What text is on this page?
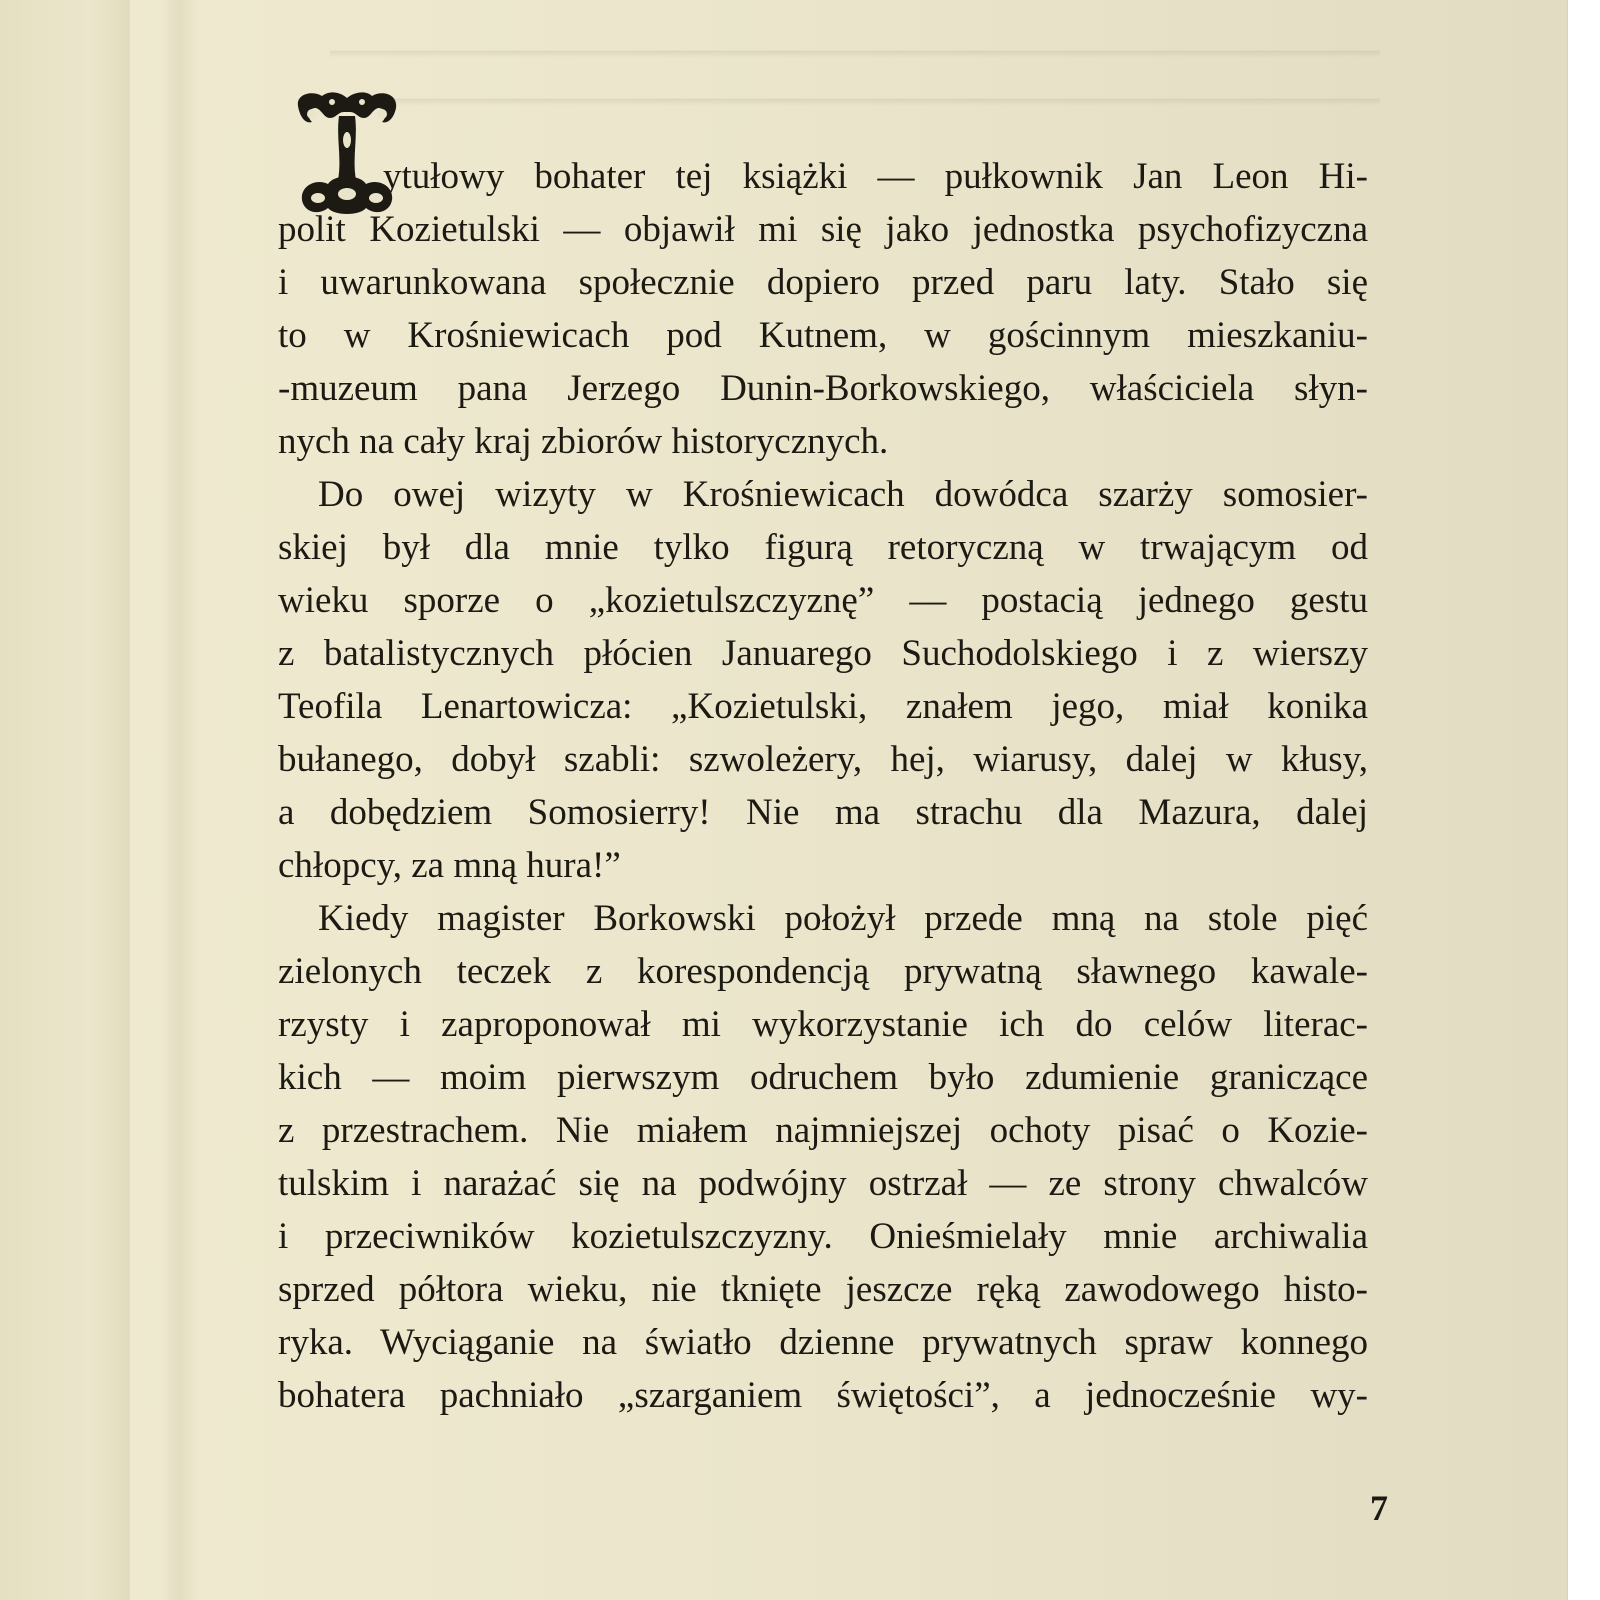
ytułowy bohater tej książki — pułkownik Jan Leon Hi-
polit Kozietulski — objawił mi się jako jednostka psychofizyczna
i uwarunkowana społecznie dopiero przed paru laty. Stało się
to w Krośniewicach pod Kutnem, w gościnnym mieszkaniu-
-muzeum pana Jerzego Dunin-Borkowskiego, właściciela słyn-
nych na cały kraj zbiorów historycznych.
Do owej wizyty w Krośniewicach dowódca szarży somosier-
skiej był dla mnie tylko figurą retoryczną w trwającym od
wieku sporze o „kozietulszczyznę” — postacią jednego gestu
z batalistycznych płócien Januarego Suchodolskiego i z wierszy
Teofila Lenartowicza: „Kozietulski, znałem jego, miał konika
bułanego, dobył szabli: szwoleżery, hej, wiarusy, dalej w kłusy,
a dobędziem Somosierry! Nie ma strachu dla Mazura, dalej
chłopcy, za mną hura!”
Kiedy magister Borkowski położył przede mną na stole pięć
zielonych teczek z korespondencją prywatną sławnego kawale-
rzysty i zaproponował mi wykorzystanie ich do celów literac-
kich — moim pierwszym odruchem było zdumienie graniczące
z przestrachem. Nie miałem najmniejszej ochoty pisać o Kozie-
tulskim i narażać się na podwójny ostrzał — ze strony chwalców
i przeciwników kozietulszczyzny. Onieśmielały mnie archiwalia
sprzed półtora wieku, nie tknięte jeszcze ręką zawodowego histo-
ryka. Wyciąganie na światło dzienne prywatnych spraw konnego
bohatera pachniało „szarganiem świętości”, a jednocześnie wy-
7
